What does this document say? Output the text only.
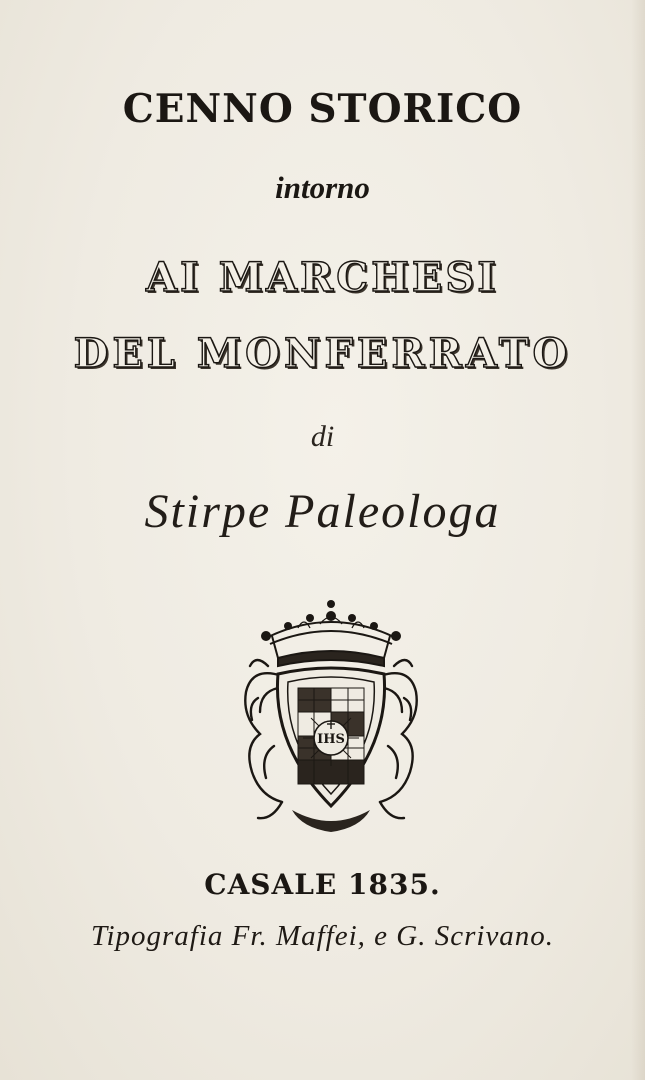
CENNO STORICO
intorno
AI MARCHESI
DEL MONFERRATO
di
Stirpe Paleologa
IHS
CASALE 1835.
Tipografia Fr. Maffei, e G. Scrivano.
